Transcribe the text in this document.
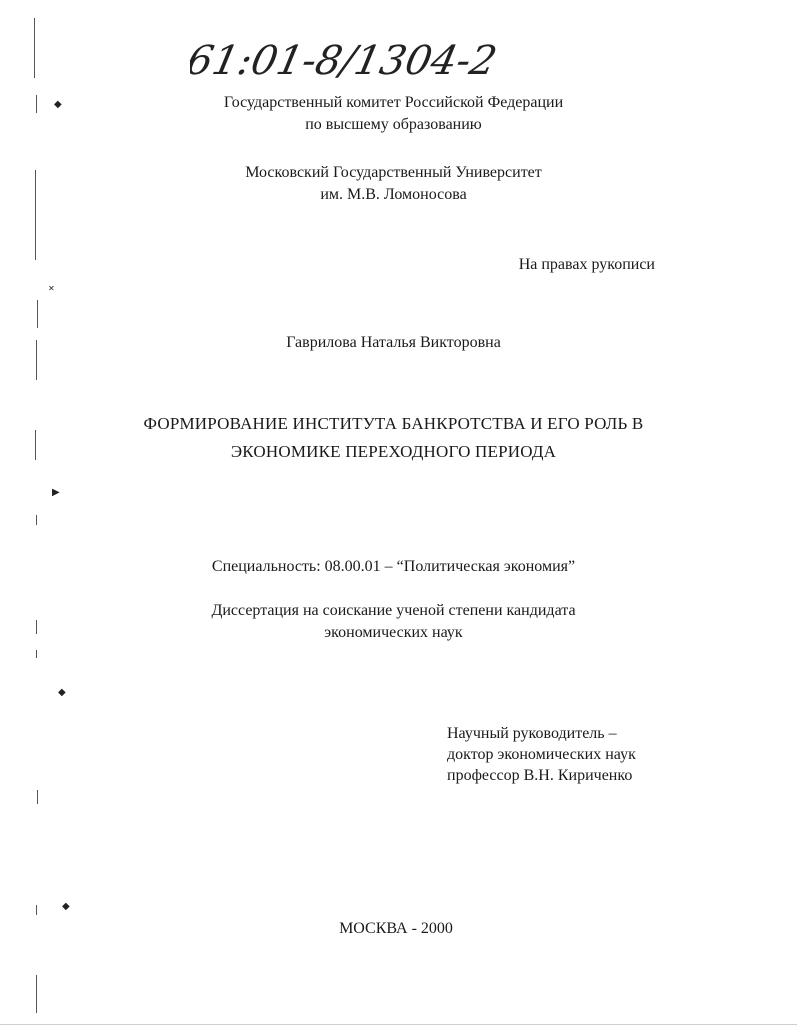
◆
✕
▶
◆
◆
61:01-8/1304-2
Государственный комитет Российской Федерации
по высшему образованию
Московский Государственный Университет
им. М.В. Ломоносова
На правах рукописи
Гаврилова Наталья Викторовна
ФОРМИРОВАНИЕ ИНСТИТУТА БАНКРОТСТВА И ЕГО РОЛЬ В
ЭКОНОМИКЕ ПЕРЕХОДНОГО ПЕРИОДА
Специальность: 08.00.01 – “Политическая экономия”
Диссертация на соискание ученой степени кандидата
экономических наук
Научный руководитель –
доктор экономических наук
профессор В.Н. Кириченко
МОСКВА - 2000
